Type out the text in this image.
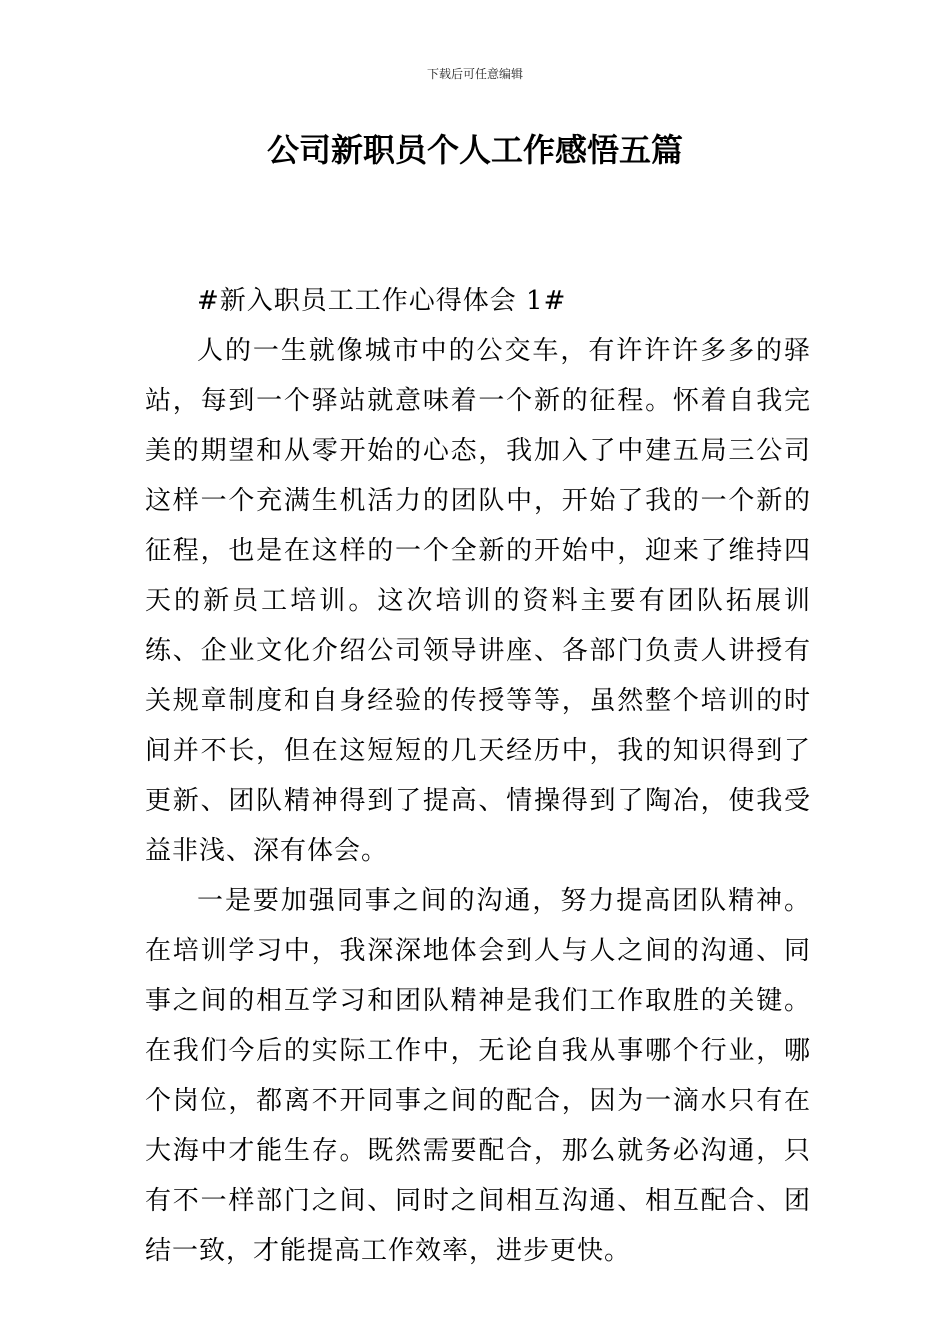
下载后可任意编辑
公司新职员个人工作感悟五篇

#新入职员工工作心得体会 1#

人的一生就像城市中的公交车，有许许许多多的驿站，每到一个驿站就意味着一个新的征程。怀着自我完美的期望和从零开始的心态，我加入了中建五局三公司这样一个充满生机活力的团队中，开始了我的一个新的征程，也是在这样的一个全新的开始中，迎来了维持四天的新员工培训。这次培训的资料主要有团队拓展训练、企业文化介绍公司领导讲座、各部门负责人讲授有关规章制度和自身经验的传授等等，虽然整个培训的时间并不长，但在这短短的几天经历中，我的知识得到了更新、团队精神得到了提高、情操得到了陶冶，使我受益非浅、深有体会。

一是要加强同事之间的沟通，努力提高团队精神。在培训学习中，我深深地体会到人与人之间的沟通、同事之间的相互学习和团队精神是我们工作取胜的关键。在我们今后的实际工作中，无论自我从事哪个行业，哪个岗位，都离不开同事之间的配合，因为一滴水只有在大海中才能生存。既然需要配合，那么就务必沟通，只有不一样部门之间、同时之间相互沟通、相互配合、团结一致，才能提高工作效率，进步更快。
